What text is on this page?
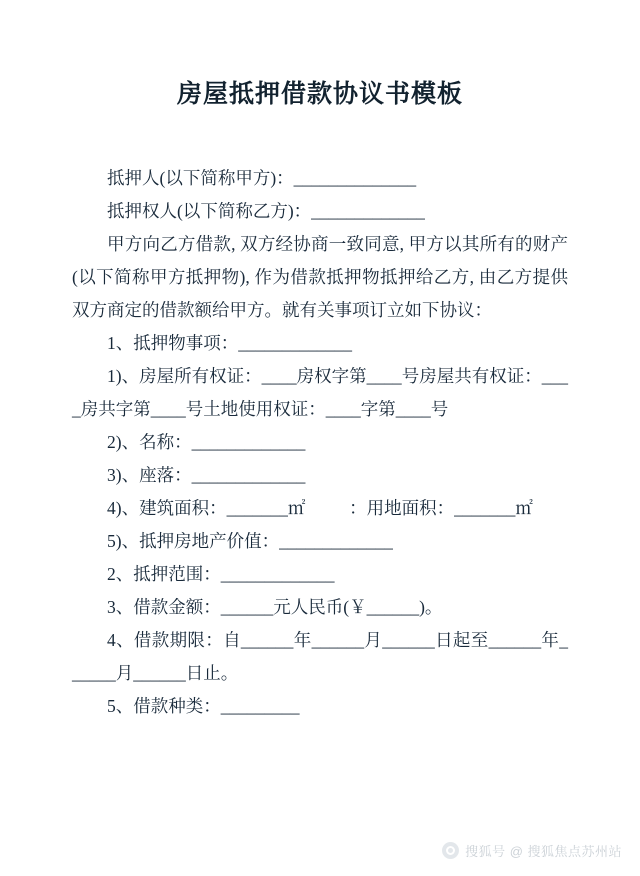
房屋抵押借款协议书模板

抵押人(以下简称甲方)：______________

抵押权人(以下简称乙方)：_____________

甲方向乙方借款, 双方经协商一致同意, 甲方以其所有的财产(以下简称甲方抵押物), 作为借款抵押物抵押给乙方, 由乙方提供双方商定的借款额给甲方。就有关事项订立如下协议：

1、抵押物事项：_____________

1)、房屋所有权证：____房权字第____号房屋共有权证：____房共字第____号土地使用权证：____字第____号

2)、名称：_____________

3)、座落：_____________

4)、建筑面积：_______㎡          ：用地面积：_______㎡

5)、抵押房地产价值：_____________

2、抵押范围：_____________

3、借款金额：______元人民币(￥______)。

4、借款期限：自______年______月______日起至______年______月______日止。

5、借款种类：_________

搜狐号 @ 搜狐焦点苏州站
